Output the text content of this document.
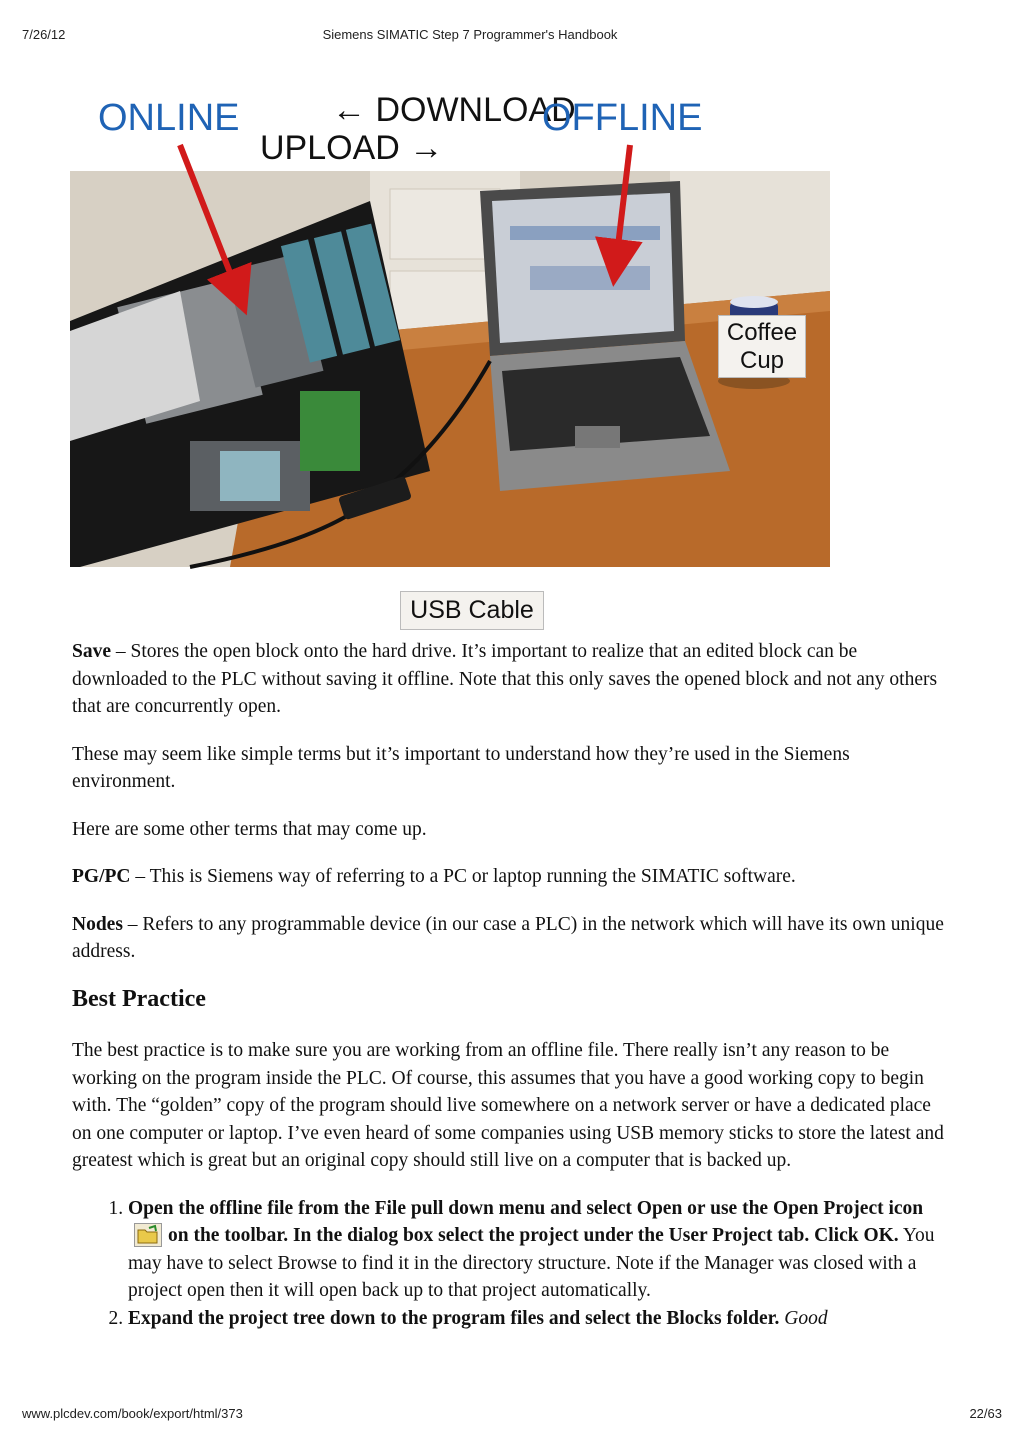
7/26/12	Siemens SIMATIC Step 7 Programmer's Handbook
ONLINE	← DOWNLOAD
UPLOAD →
OFFLINE
Coffee
Cup
USB Cable

Save – Stores the open block onto the hard drive. It’s important to realize that an edited block can be downloaded to the PLC without saving it offline. Note that this only saves the opened block and not any others that are concurrently open.

These may seem like simple terms but it’s important to understand how they’re used in the Siemens environment.

Here are some other terms that may come up.

PG/PC – This is Siemens way of referring to a PC or laptop running the SIMATIC software.

Nodes – Refers to any programmable device (in our case a PLC) in the network which will have its own unique address.

Best Practice

The best practice is to make sure you are working from an offline file. There really isn’t any reason to be working on the program inside the PLC. Of course, this assumes that you have a good working copy to begin with. The “golden” copy of the program should live somewhere on a network server or have a dedicated place on one computer or laptop. I’ve even heard of some companies using USB memory sticks to store the latest and greatest which is great but an original copy should still live on a computer that is backed up.

1. Open the offline file from the File pull down menu and select Open or use the Open Project iconon the toolbar. In the dialog box select the project under the User Project tab. Click OK. You may have to select Browse to find it in the directory structure. Note if the Manager was closed with a project open then it will open back up to that project automatically.
2. Expand the project tree down to the program files and select the Blocks folder. Good
www.plcdev.com/book/export/html/373	22/63
